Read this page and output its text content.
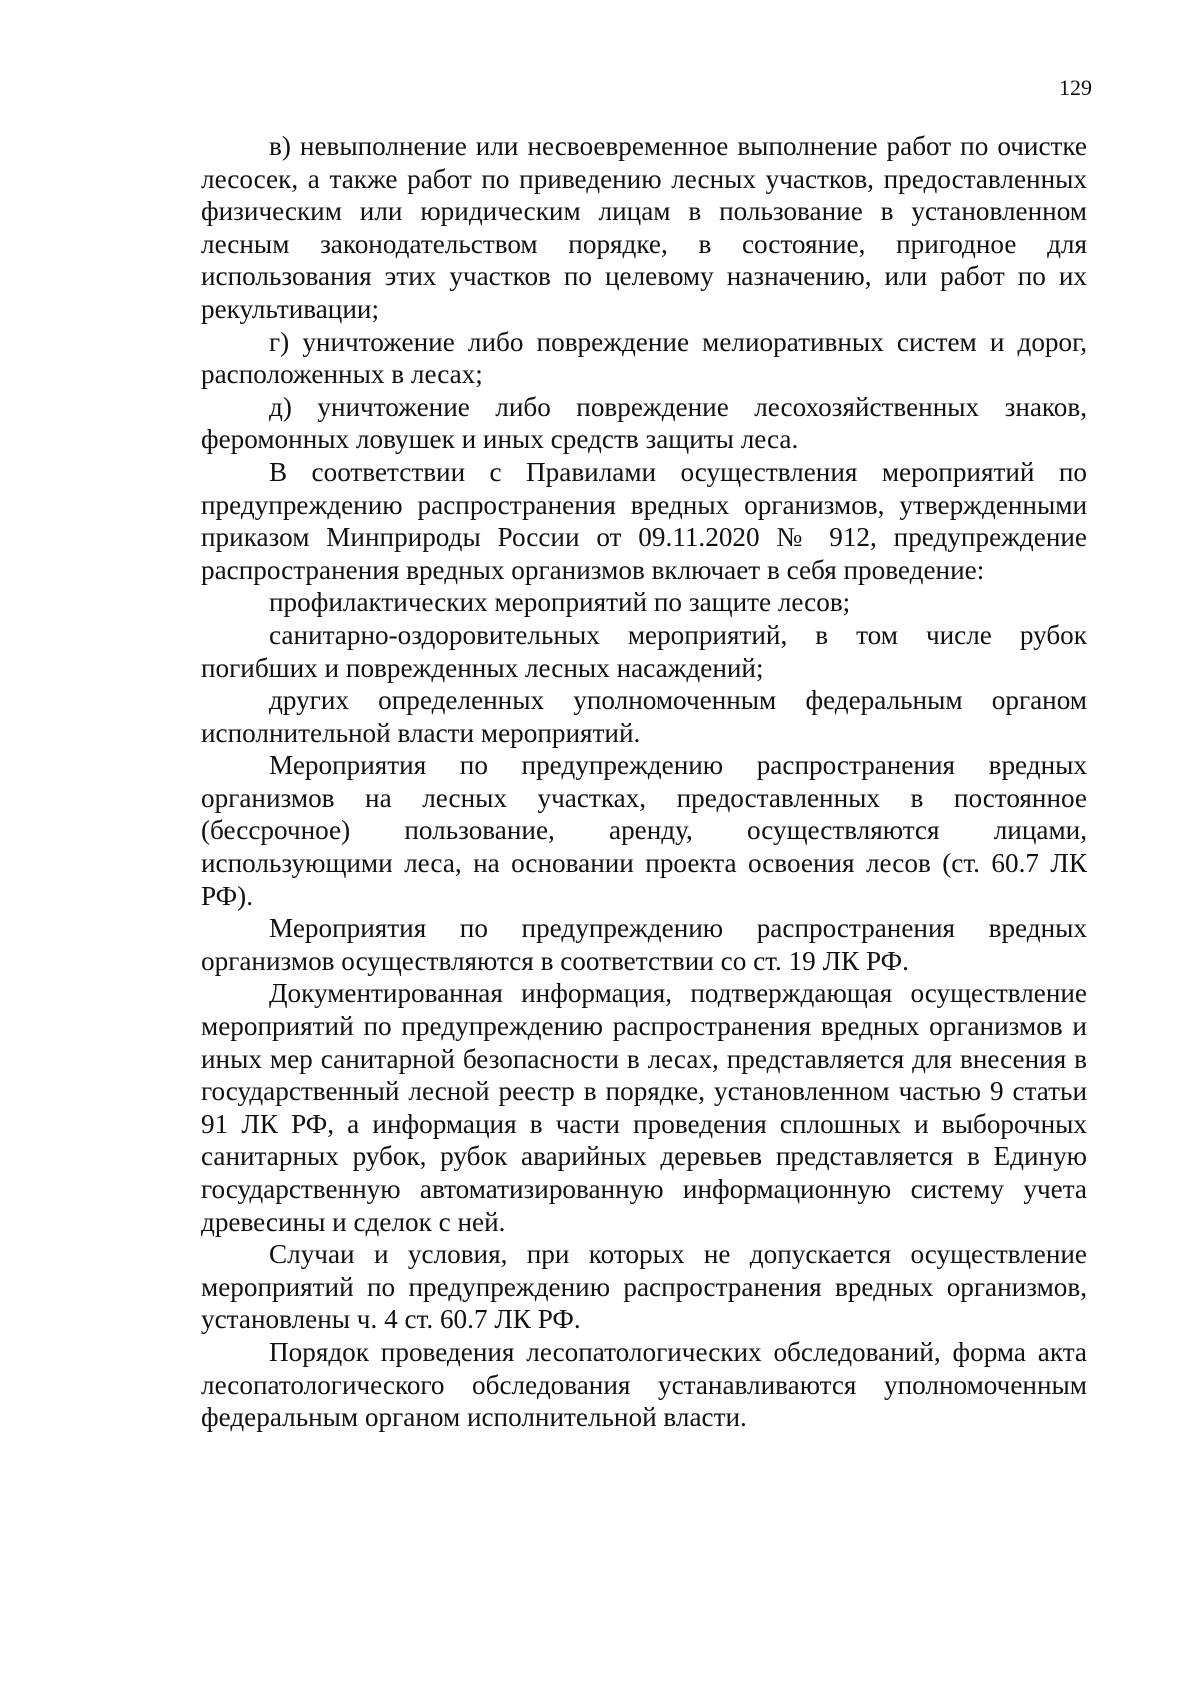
129

в) невыполнение или несвоевременное выполнение работ по очистке лесосек, а также работ по приведению лесных участков, предоставленных физическим или юридическим лицам в пользование в установленном лесным законодательством порядке, в состояние, пригодное для использования этих участков по целевому назначению, или работ по их рекультивации;

г) уничтожение либо повреждение мелиоративных систем и дорог, расположенных в лесах;

д) уничтожение либо повреждение лесохозяйственных знаков, феромонных ловушек и иных средств защиты леса.

В соответствии с Правилами осуществления мероприятий по предупреждению распространения вредных организмов, утвержденными приказом Минприроды России от 09.11.2020 № 912, предупреждение распространения вредных организмов включает в себя проведение:

профилактических мероприятий по защите лесов;

санитарно-оздоровительных мероприятий, в том числе рубок погибших и поврежденных лесных насаждений;

других определенных уполномоченным федеральным органом исполнительной власти мероприятий.

Мероприятия по предупреждению распространения вредных организмов на лесных участках, предоставленных в постоянное (бессрочное) пользование, аренду, осуществляются лицами, использующими леса, на основании проекта освоения лесов (ст. 60.7 ЛК РФ).

Мероприятия по предупреждению распространения вредных организмов осуществляются в соответствии со ст. 19 ЛК РФ.

Документированная информация, подтверждающая осуществление мероприятий по предупреждению распространения вредных организмов и иных мер санитарной безопасности в лесах, представляется для внесения в государственный лесной реестр в порядке, установленном частью 9 статьи 91 ЛК РФ, а информация в части проведения сплошных и выборочных санитарных рубок, рубок аварийных деревьев представляется в Единую государственную автоматизированную информационную систему учета древесины и сделок с ней.

Случаи и условия, при которых не допускается осуществление мероприятий по предупреждению распространения вредных организмов, установлены ч. 4 ст. 60.7 ЛК РФ.

Порядок проведения лесопатологических обследований, форма акта лесопатологического обследования устанавливаются уполномоченным федеральным органом исполнительной власти.
